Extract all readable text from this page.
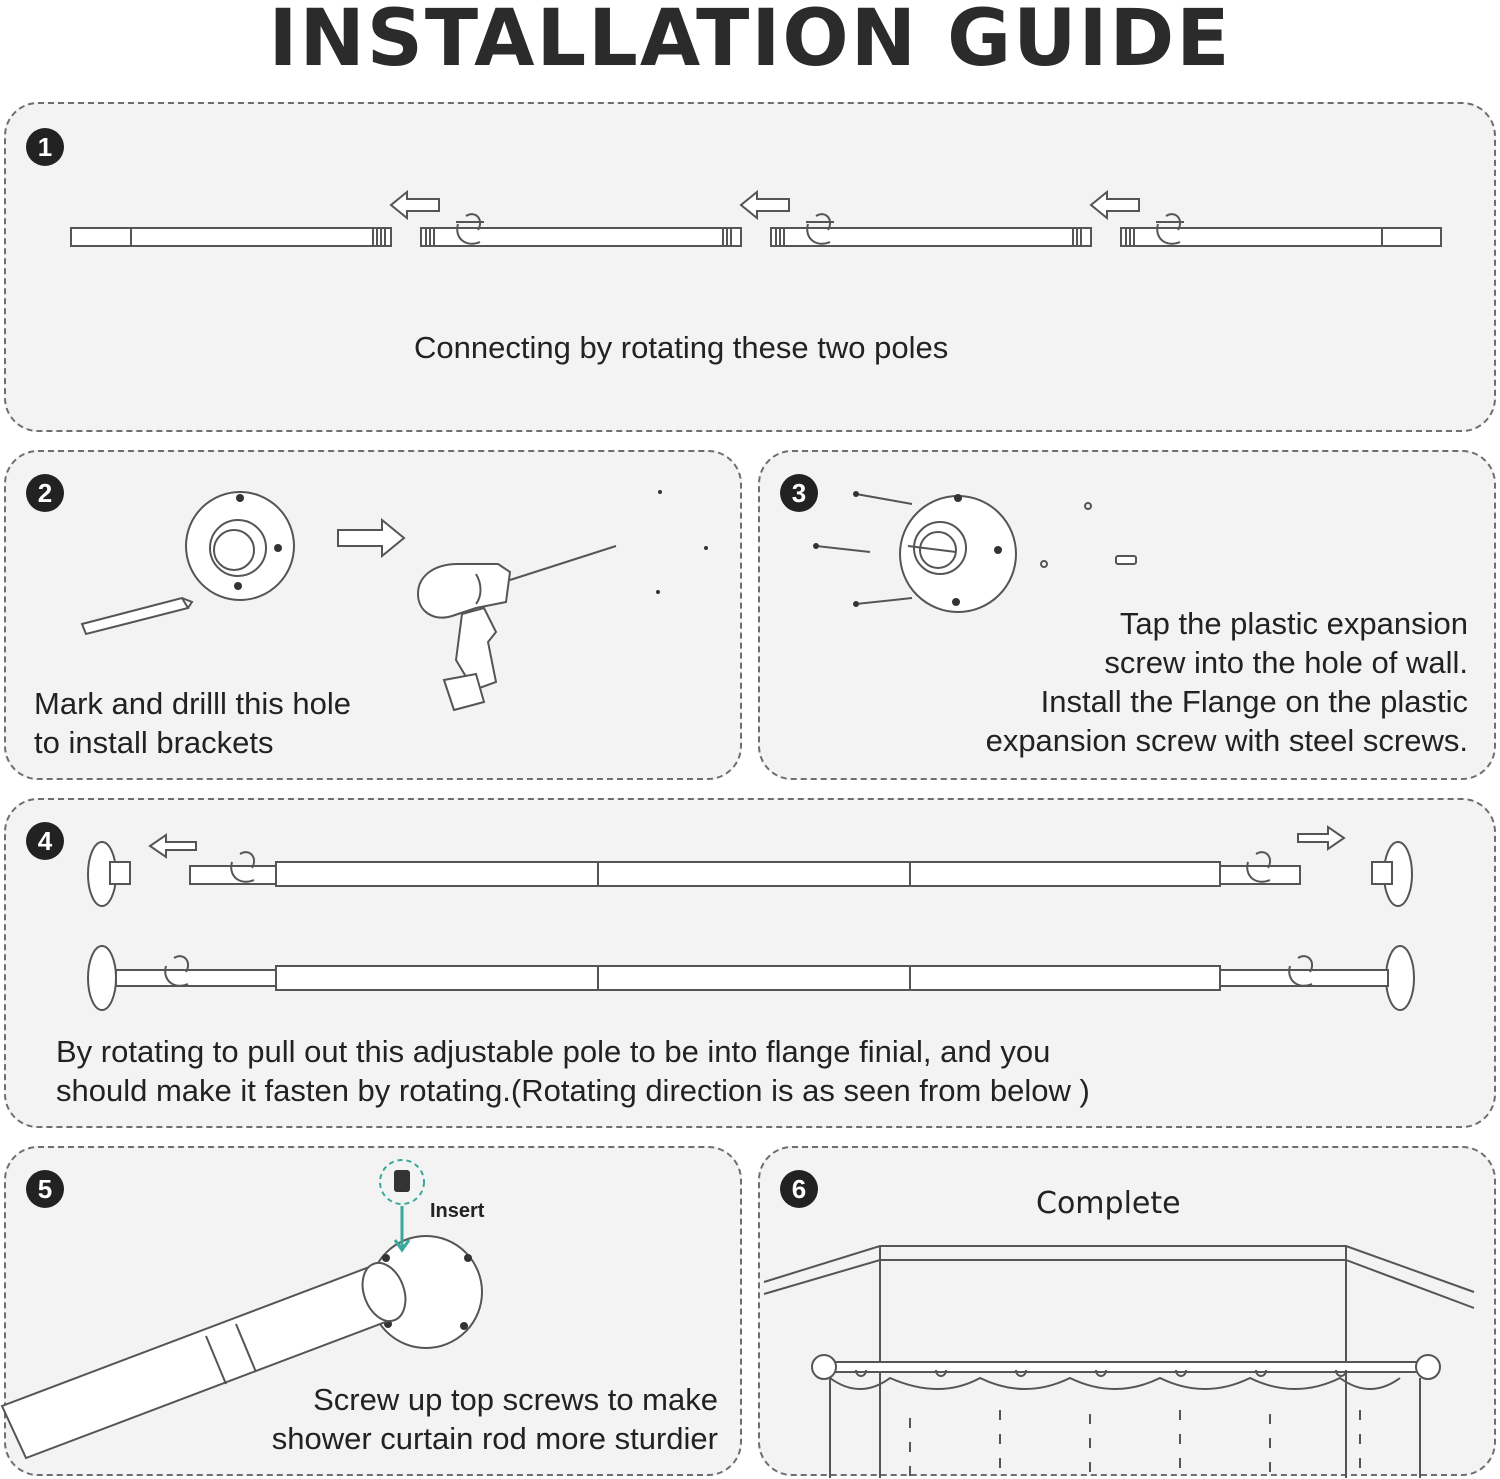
INSTALLATION GUIDE
1

Connecting by rotating these two poles

2

Mark and drilll this hole

to install brackets

3

Tap the plastic expansion

screw into the hole of wall.

Install the Flange on the plastic

expansion screw with steel screws.

4

By rotating to pull out this adjustable pole to be into flange finial, and you

should make it fasten by rotating.(Rotating direction is as seen from below )

5
Insert

Screw up top screws to make

shower curtain rod more sturdier

6	Complete
